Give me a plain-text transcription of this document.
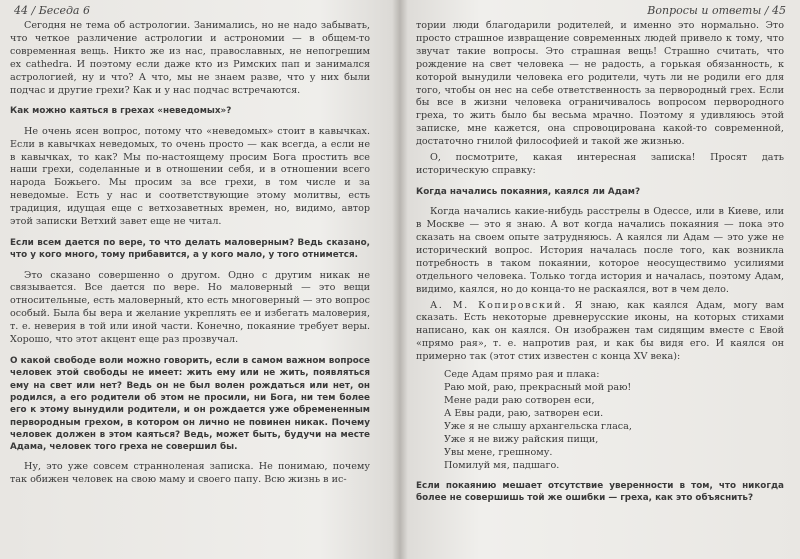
44 / Беседа 6

Сегодня не тема об астрологии. Занимались, но не надо забывать, что четкое различение астрологии и астрономии — в общем-то современная вещь. Никто же из нас, православных, не непогрешим ex cathedra. И поэтому если даже кто из Римских пап и занимался астрологией, ну и что? А что, мы не знаем разве, что у них были подчас и другие грехи? Как и у нас подчас встречаются.

Как можно каяться в грехах «неведомых»?

Не очень ясен вопрос, потому что «неведомых» стоит в кавычках. Если в кавычках неведомых, то очень просто — как всегда, а если не в кавычках, то как? Мы по-настоящему просим Бога простить все наши грехи, соделанные и в отношении себя, и в отношении всего народа Божьего. Мы просим за все грехи, в том числе и за неведомые. Есть у нас и соответствующие этому молитвы, есть традиция, идущая еще с ветхозаветных времен, но, видимо, автор этой записки Ветхий завет еще не читал.

Если всем дается по вере, то что делать маловерным? Ведь сказано, что у кого много, тому прибавится, а у кого мало, у того отнимется.

Это сказано совершенно о другом. Одно с другим никак не связывается. Все дается по вере. Но маловерный — это вещи относительные, есть маловерный, кто есть многоверный — это вопрос особый. Была бы вера и желание укреплять ее и избегать маловерия, т. е. неверия в той или иной части. Конечно, покаяние требует веры. Хорошо, что этот акцент еще раз прозвучал.

О какой свободе воли можно говорить, если в самом важном вопросе человек этой свободы не имеет: жить ему или не жить, появляться ему на свет или нет? Ведь он не был волен рождаться или нет, он родился, а его родители об этом не просили, ни Бога, ни тем более его к этому вынудили родители, и он рождается уже обремененным первородным грехом, в котором он лично не повинен никак. Почему человек должен в этом каяться? Ведь, может быть, будучи на месте Адама, человек того греха не совершил бы.

Ну, это уже совсем странноленая записка. Не понимаю, почему так обижен человек на свою маму и своего папу. Всю жизнь в ис-

Вопросы и ответы / 45

тории люди благодарили родителей, и именно это нормально. Это просто страшное извращение современных людей привело к тому, что звучат такие вопросы. Это страшная вещь! Страшно считать, что рождение на свет человека — не радость, а горькая обязанность, к которой вынудили человека его родители, чуть ли не родили его для того, чтобы он нес на себе ответственность за первородный грех. Если бы все в жизни человека ограничивалось вопросом первородного греха, то жить было бы весьма мрачно. Поэтому я удивляюсь этой записке, мне кажется, она спровоцирована какой-то современной, достаточно гнилой философией и такой же жизнью.

О, посмотрите, какая интересная записка! Просят дать историческую справку:

Когда начались покаяния, каялся ли Адам?

Когда начались какие-нибудь расстрелы в Одессе, или в Киеве, или в Москве — это я знаю. А вот когда начались покаяния — пока это сказать на своем опыте затрудняюсь. А каялся ли Адам — это уже не исторический вопрос. История началась после того, как возникла потребность в таком покаянии, которое неосуществимо усилиями отдельного человека. Только тогда история и началась, поэтому Адам, видимо, каялся, но до конца-то не раскаялся, вот в чем дело.

А. М. Копировский. Я знаю, как каялся Адам, могу вам сказать. Есть некоторые древнерусские иконы, на которых стихами написано, как он каялся. Он изображен там сидящим вместе с Евой «прямо рая», т. е. напротив рая, и как бы видя его. И каялся он примерно так (этот стих известен с конца XV века):

Седе Адам прямо рая и плака:
Раю мой, раю, прекрасный мой раю!
Мене ради раю сотворен еси,
А Евы ради, раю, затворен еси.
Уже я не слышу архангельска гласа,
Уже я не вижу райския пищи,
Увы мене, грешному.
Помилуй мя, падшаго.

Если покаянию мешает отсутствие уверенности в том, что никогда более не совершишь той же ошибки — греха, как это объяснить?
